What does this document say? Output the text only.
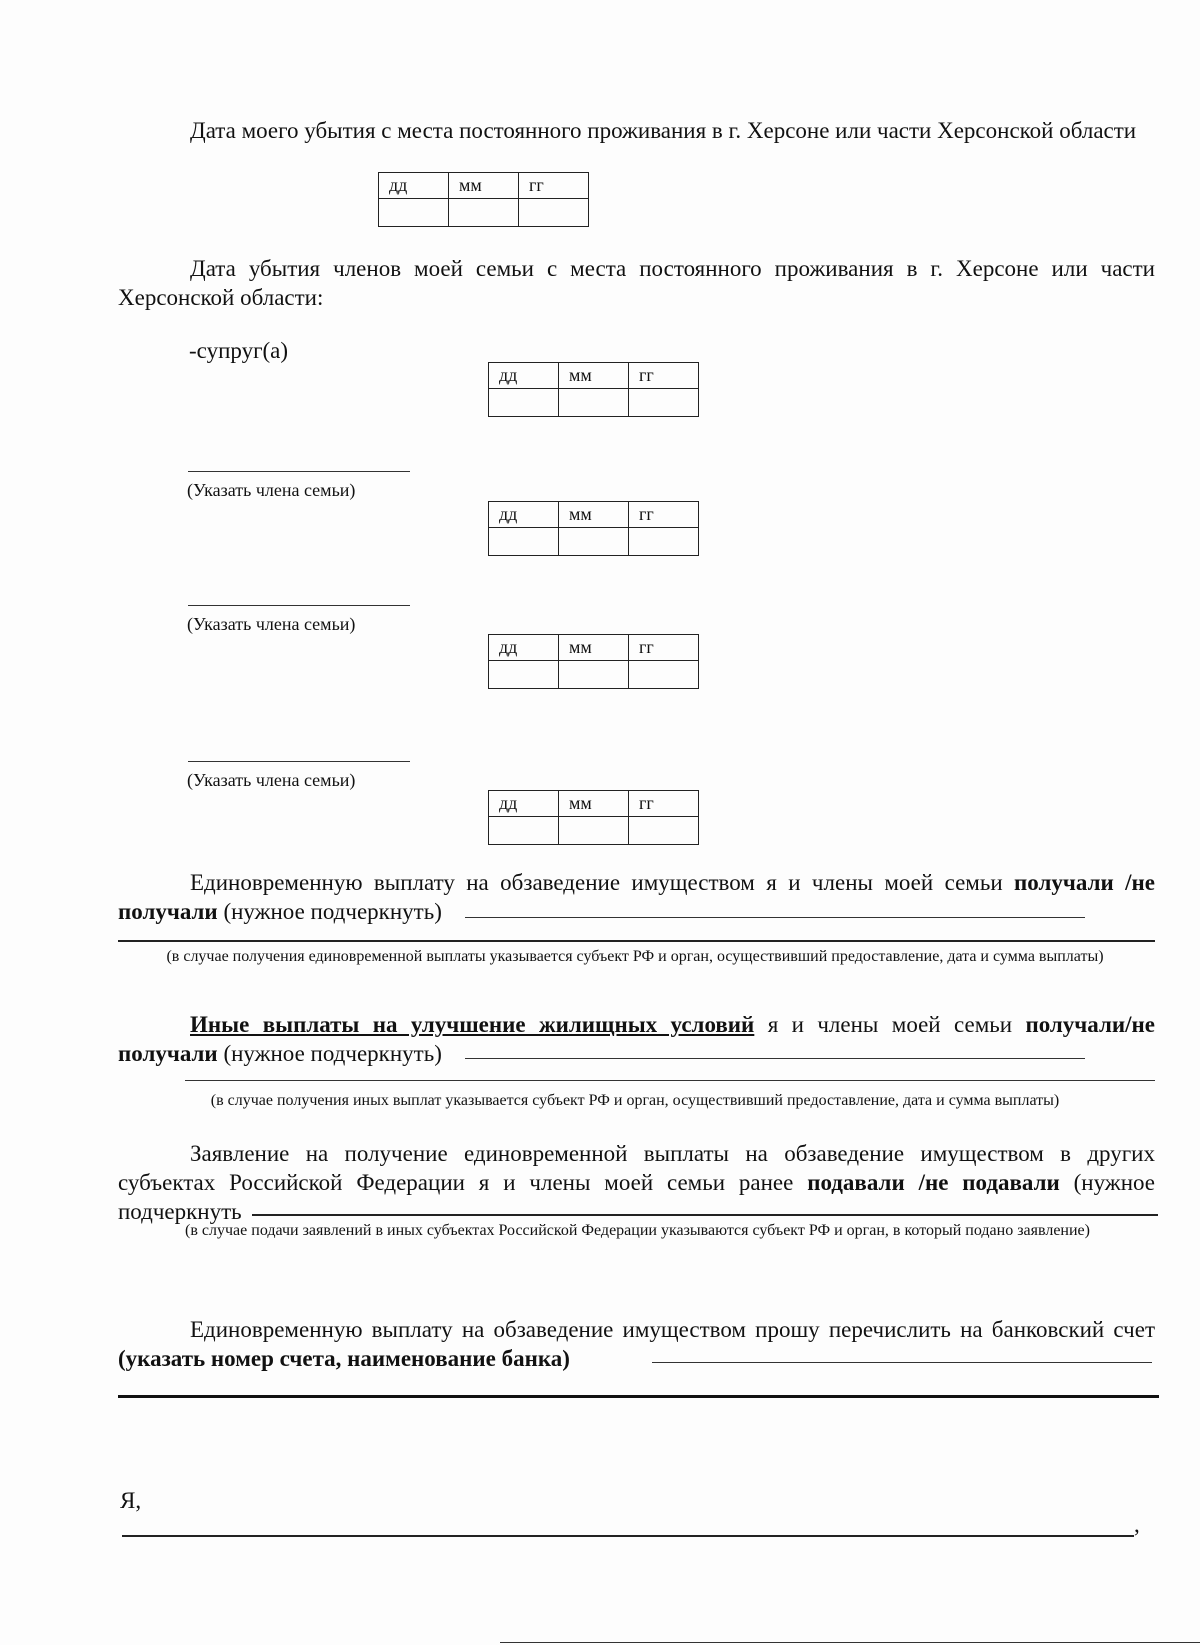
Дата моего убытия с места постоянного проживания в г. Херсоне или части Херсонской области
дд	мм	гг

Дата убытия членов моей семьи с места постоянного проживания в г. Херсоне или части Херсонской области:
-супруг(а)
дд	мм	гг

(Указать члена семьи)
дд	мм	гг

(Указать члена семьи)
дд	мм	гг

(Указать члена семьи)
дд	мм	гг

Единовременную выплату на обзаведение имуществом я и члены моей семьи получали /не получали (нужное подчеркнуть)
(в случае получения единовременной выплаты указывается субъект РФ и орган, осуществивший предоставление, дата и сумма выплаты)
Иные выплаты на улучшение жилищных условий я и члены моей семьи получали/не получали (нужное подчеркнуть)
(в случае получения иных выплат указывается субъект РФ и орган, осуществивший предоставление, дата и сумма выплаты)
Заявление на получение единовременной выплаты на обзаведение имуществом в других субъектах Российской Федерации я и члены моей семьи ранее подавали /не подавали (нужное подчеркнуть
(в случае подачи заявлений в иных субъектах Российской Федерации указываются субъект РФ и орган, в который подано заявление)
Единовременную выплату на обзаведение имуществом прошу перечислить на банковский счет (указать номер счета, наименование банка)
Я,
,
